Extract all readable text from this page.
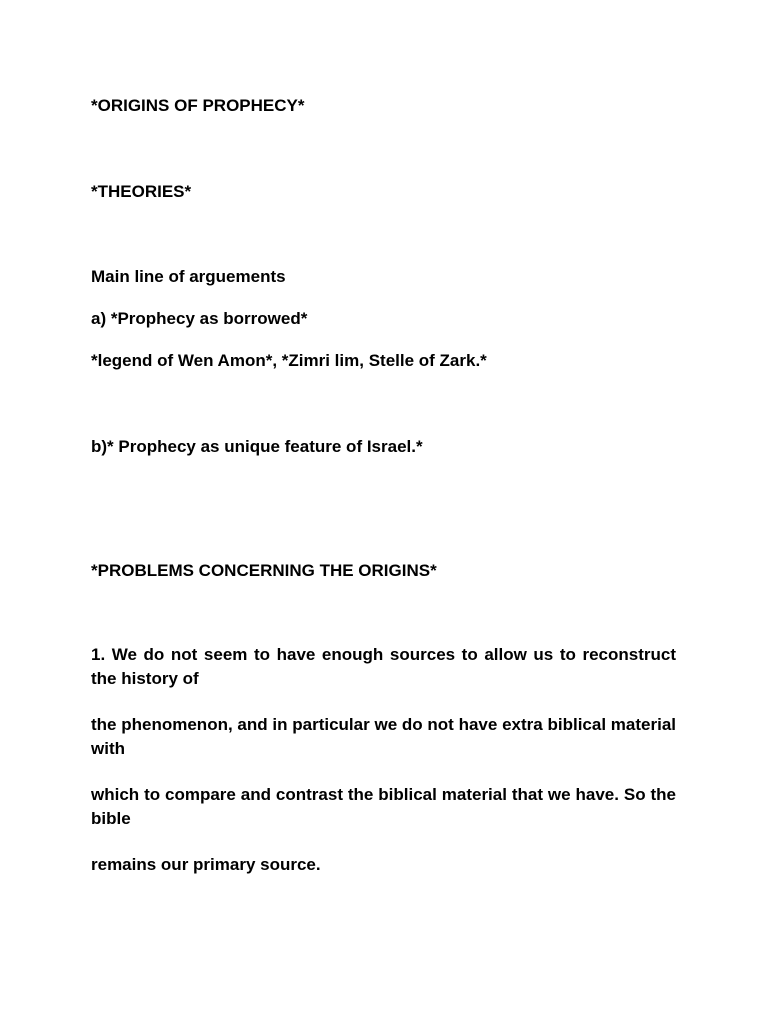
*ORIGINS OF PROPHECY*
*THEORIES*
Main line of arguements
a) *Prophecy as borrowed*
*legend of Wen Amon*, *Zimri lim, Stelle of Zark.*
b)* Prophecy as unique feature of Israel.*
*PROBLEMS CONCERNING THE ORIGINS*
1. We do not seem to have enough sources to allow us to reconstruct the history of
the phenomenon, and in particular we do not have extra biblical material with
which to compare and contrast the biblical material that we have. So the bible
remains our primary source.
